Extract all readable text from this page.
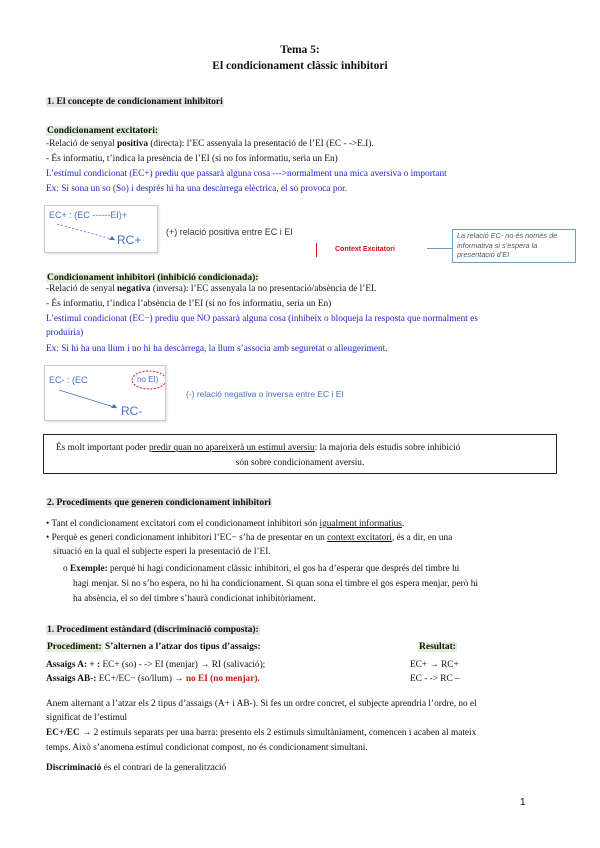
Tema 5:
El condicionament clàssic inhibitori
1. El concepte de condicionament inhibitori
Condicionament excitatori:
-Relació de senyal positiva (directa): l’EC assenyala la presentació de l’EI (EC - ->E.I).
- És informatiu, t’indica la presència de l’EI (si no fos informatiu, seria un En)
L’estímul condicionat (EC+) prediu que passarà alguna cosa --->normalment una mica aversiva o important
Ex: Si sona un so (So) i després hi ha una descàrrega elèctrica, el so provoca por.
EC+ : (EC ------EI)+
RC+
(+) relació positiva entre EC i EI
Context Excitatori
La relació EC- no és només de informativa si s’espera la presentació d’EI
Condicionament inhibitori (inhibició condicionada):
-Relació de senyal negativa (inversa): l’EC assenyala la no presentació/absència de l’EI.
- És informatiu, t’indica l’absència de l’EI (si no fos informatiu, seria un En)
L’estímul condicionat (EC−) prediu que NO passarà alguna cosa (inhibeix o bloqueja la resposta que normalment es
produiria)
Ex: Si hi ha una llum i no hi ha descàrrega, la llum s’associa amb seguretat o alleugeriment.
EC- : (EC	no EI)
RC-
(-) relació negativa o inversa entre EC i EI
És molt important poder predir quan no apareixerà un estímul aversiu: la majoria dels estudis sobre inhibició
són sobre condicionament aversiu.
2. Procediments que generen condicionament inhibitori
• Tant el condicionament excitatori com el condicionament inhibitori són igualment informatius.
• Perquè es generi condicionament inhibitori l’EC− s’ha de presentar en un context excitatori, és a dir, en una
situació en la qual el subjecte esperi la presentació de l’EI.
o Exemple: perquè hi hagi condicionament clàssic inhibitori, el gos ha d’esperar que després del timbre hi
hagi menjar. Si no s’ho espera, no hi ha condicionament. Si quan sona el timbre el gos espera menjar, però hi
ha absència, el so del timbre s’haurà condicionat inhibitòriament.
1. Procediment estàndard (discriminació composta):
Procediment: S’alternen a l’atzar dos tipus d’assaigs:	Resultat:
Assaigs A: + : EC+ (so) - -> EI (menjar) → RI (salivació);	EC+ → RC+
Assaigs AB-: EC+/EC− (so/llum) → no EI (no menjar).	EC - -> RC –
Anem alternant a l’atzar els 2 tipus d’assaigs (A+ i AB-). Si fes un ordre concret, el subjecte aprendria l’ordre, no el
significat de l’estímul
EC+/EC → 2 estímuls separats per una barra: presento els 2 estímuls simultàniament, comencen i acaben al mateix
temps. Això s’anomena estímul condicionat compost, no és condicionament simultani.
Discriminació és el contrari de la generalització
1
